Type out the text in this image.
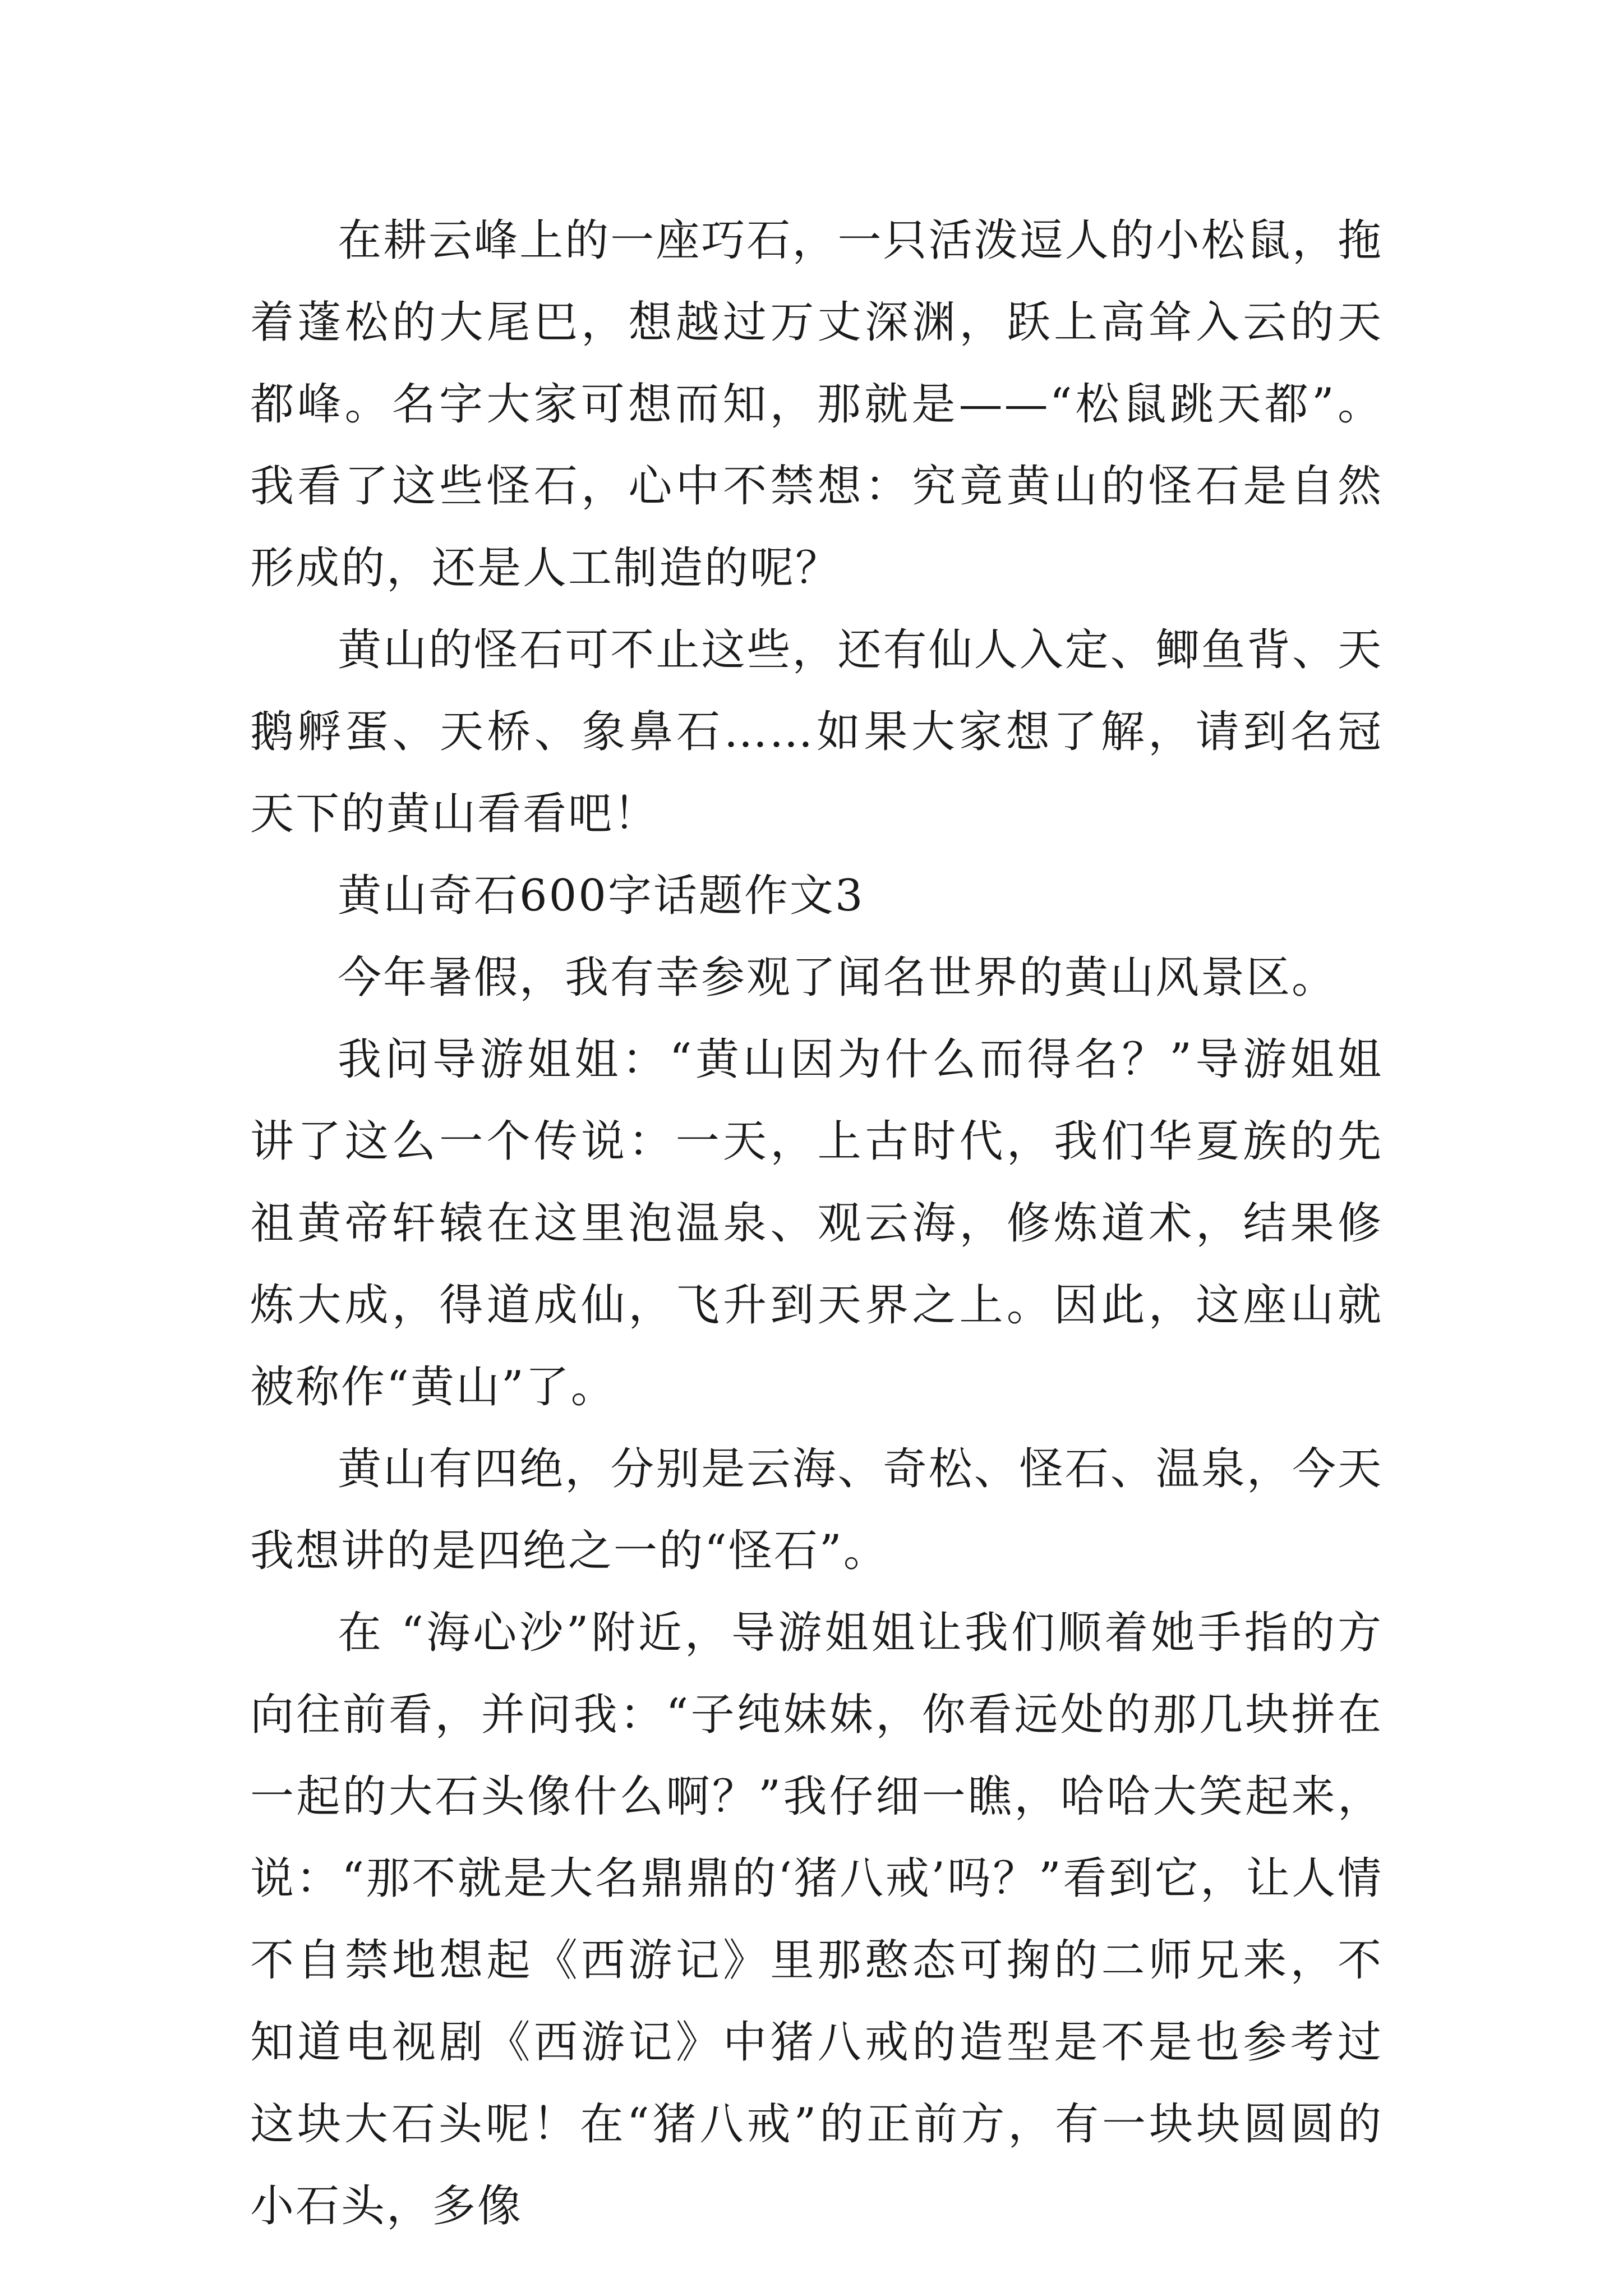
在耕云峰上的一座巧石，一只活泼逗人的小松鼠，拖着蓬松的大尾巴，想越过万丈深渊，跃上高耸入云的天都峰。名字大家可想而知，那就是——“松鼠跳天都”。我看了这些怪石，心中不禁想：究竟黄山的怪石是自然形成的，还是人工制造的呢？

黄山的怪石可不止这些，还有仙人入定、鲫鱼背、天鹅孵蛋、天桥、象鼻石……如果大家想了解，请到名冠天下的黄山看看吧！

黄山奇石600字话题作文3

今年暑假，我有幸参观了闻名世界的黄山风景区。

我问导游姐姐：“黄山因为什么而得名？”导游姐姐讲了这么一个传说：一天，上古时代，我们华夏族的先祖黄帝轩辕在这里泡温泉、观云海，修炼道术，结果修炼大成，得道成仙，飞升到天界之上。因此，这座山就被称作“黄山”了。

黄山有四绝，分别是云海、奇松、怪石、温泉，今天我想讲的是四绝之一的“怪石”。

在 “海心沙”附近，导游姐姐让我们顺着她手指的方向往前看，并问我：“子纯妹妹，你看远处的那几块拼在一起的大石头像什么啊？”我仔细一瞧，哈哈大笑起来，说：“那不就是大名鼎鼎的‘猪八戒’吗？”看到它，让人情不自禁地想起《西游记》里那憨态可掬的二师兄来，不知道电视剧《西游记》中猪八戒的造型是不是也参考过这块大石头呢！在“猪八戒”的正前方，有一块块圆圆的小石头，多像
